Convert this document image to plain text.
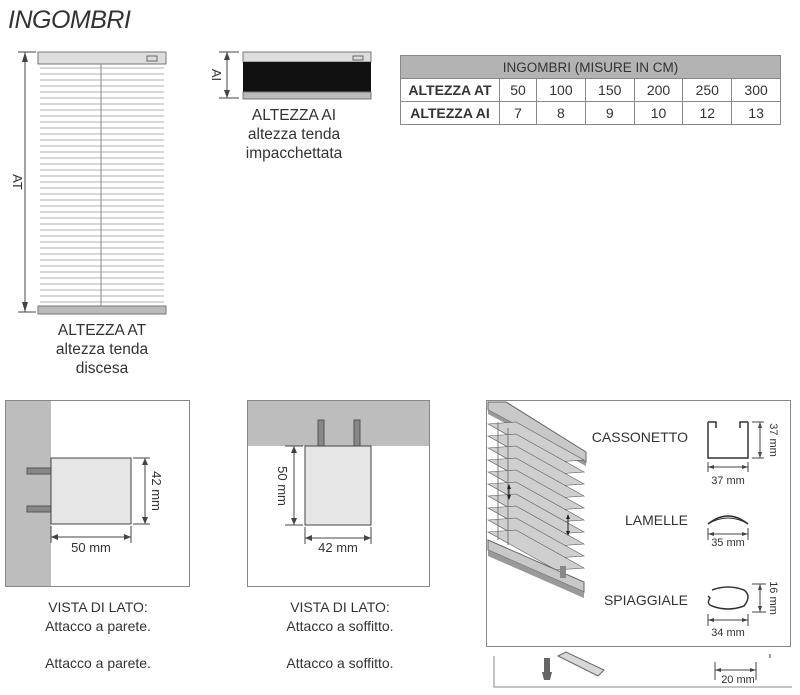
INGOMBRI
AT
ALTEZZA AT
altezza tenda
discesa
AI
ALTEZZA AI
altezza tenda
impacchettata
INGOMBRI (MISURE IN CM)						
ALTEZZA AT	50	100	150	200	250	300
ALTEZZA AI	7	8	9	10	12	13
42 mm
50 mm
VISTA DI LATO:
Attacco a parete.
Attacco a parete.
50 mm
42 mm
VISTA DI LATO:
Attacco a soffitto.
Attacco a soffitto.
CASSONETTO
37 mm
37 mm
LAMELLE
35 mm
SPIAGGIALE
34 mm
16 mm
20 mm
